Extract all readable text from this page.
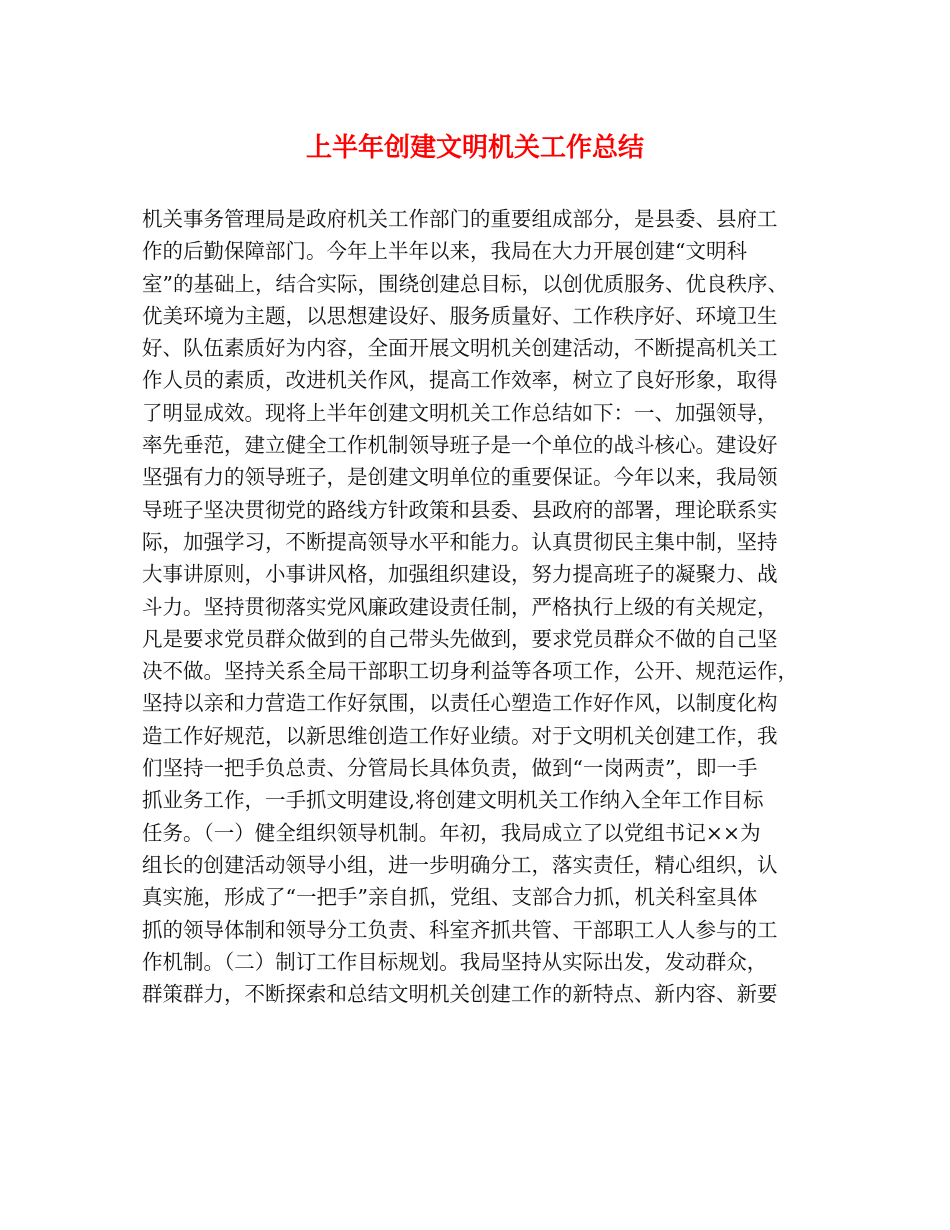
上半年创建文明机关工作总结
机关事务管理局是政府机关工作部门的重要组成部分，是县委、县府工
作的后勤保障部门。今年上半年以来，我局在大力开展创建“文明科
室”的基础上，结合实际，围绕创建总目标，以创优质服务、优良秩序、
优美环境为主题，以思想建设好、服务质量好、工作秩序好、环境卫生
好、队伍素质好为内容，全面开展文明机关创建活动，不断提高机关工
作人员的素质，改进机关作风，提高工作效率，树立了良好形象，取得
了明显成效。现将上半年创建文明机关工作总结如下：一、加强领导，
率先垂范，建立健全工作机制领导班子是一个单位的战斗核心。建设好
坚强有力的领导班子，是创建文明单位的重要保证。今年以来，我局领
导班子坚决贯彻党的路线方针政策和县委、县政府的部署，理论联系实
际，加强学习，不断提高领导水平和能力。认真贯彻民主集中制，坚持
大事讲原则，小事讲风格，加强组织建设，努力提高班子的凝聚力、战
斗力。坚持贯彻落实党风廉政建设责任制，严格执行上级的有关规定，
凡是要求党员群众做到的自己带头先做到，要求党员群众不做的自己坚
决不做。坚持关系全局干部职工切身利益等各项工作，公开、规范运作，
坚持以亲和力营造工作好氛围，以责任心塑造工作好作风，以制度化构
造工作好规范，以新思维创造工作好业绩。对于文明机关创建工作，我
们坚持一把手负总责、分管局长具体负责，做到“一岗两责”，即一手
抓业务工作，一手抓文明建设,将创建文明机关工作纳入全年工作目标
任务。（一）健全组织领导机制。年初，我局成立了以党组书记××为
组长的创建活动领导小组，进一步明确分工，落实责任，精心组织，认
真实施，形成了“一把手”亲自抓，党组、支部合力抓，机关科室具体
抓的领导体制和领导分工负责、科室齐抓共管、干部职工人人参与的工
作机制。（二）制订工作目标规划。我局坚持从实际出发，发动群众，
群策群力，不断探索和总结文明机关创建工作的新特点、新内容、新要
